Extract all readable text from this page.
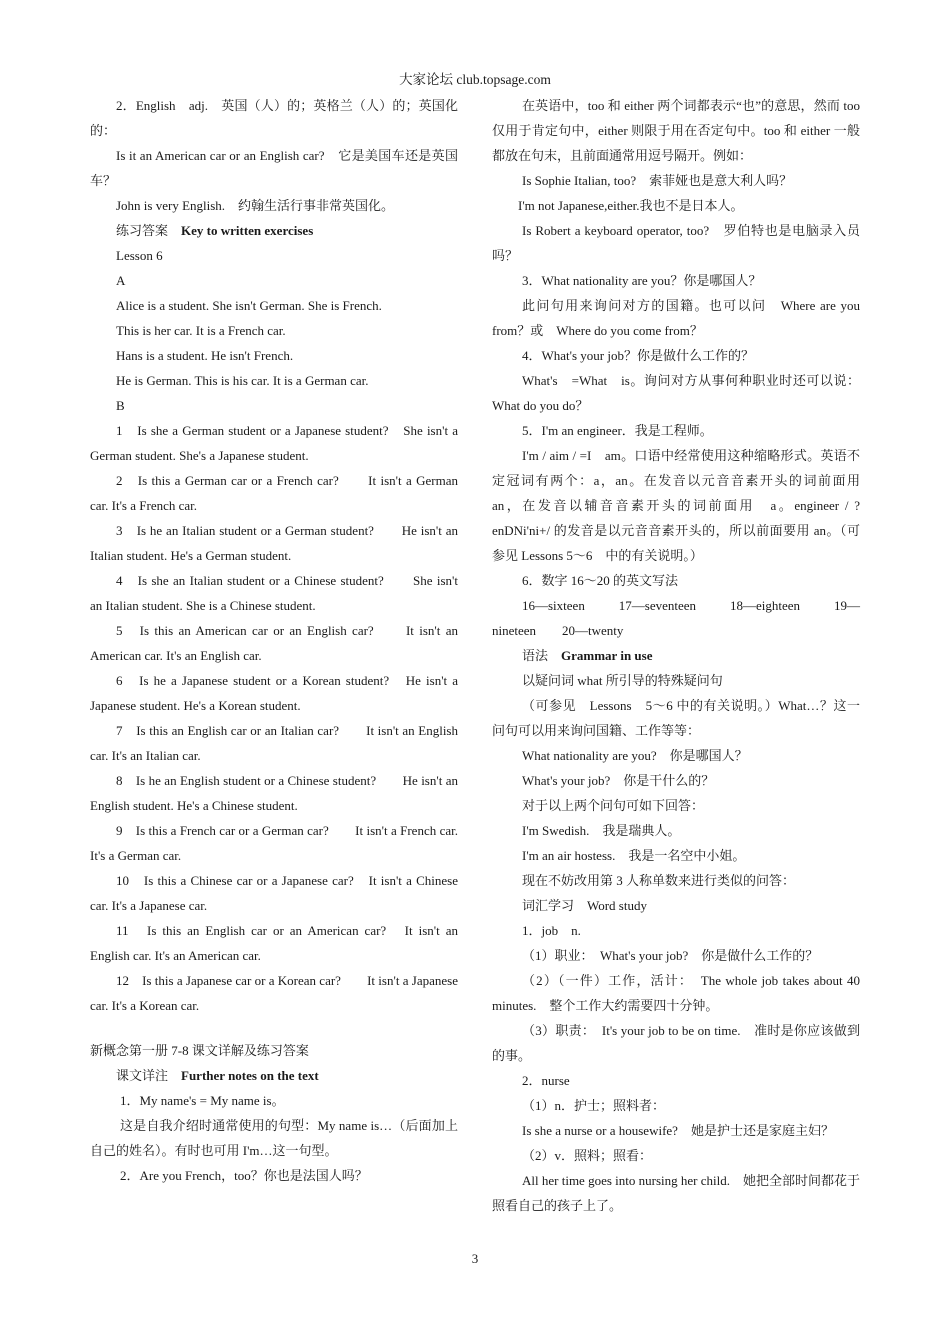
大家论坛 club.topsage.com

2．English　adj.　英国（人）的；英格兰（人）的；英国化的：

Is it an American car or an English car?　它是美国车还是英国车？

John is very English.　约翰生活行事非常英国化。

练习答案　Key to written exercises

Lesson 6

A

Alice is a student. She isn't German. She is French.

This is her car. It is a French car.

Hans is a student. He isn't French.

He is German. This is his car. It is a German car.

B

1　Is she a German student or a Japanese student?　She isn't a German student. She's a Japanese student.

2　Is this a German car or a French car?　　It isn't a German car. It's a French car.

3　Is he an Italian student or a German student?　　He isn't an Italian student. He's a German student.

4　Is she an Italian student or a Chinese student?　　She isn't an Italian student. She is a Chinese student.

5　Is this an American car or an English car?　　It isn't an American car. It's an English car.

6　Is he a Japanese student or a Korean student?　He isn't a Japanese student. He's a Korean student.

7　Is this an English car or an Italian car?　　It isn't an English car. It's an Italian car.

8　Is he an English student or a Chinese student?　　He isn't an English student. He's a Chinese student.

9　Is this a French car or a German car?　　It isn't a French car. It's a German car.

10　Is this a Chinese car or a Japanese car?　It isn't a Chinese car. It's a Japanese car.

11　Is this an English car or an American car?　It isn't an English car. It's an American car.

12　Is this a Japanese car or a Korean car?　　It isn't a Japanese car. It's a Korean car.

新概念第一册 7-8 课文详解及练习答案

课文详注　Further notes on the text

1．My name's = My name is。

这是自我介绍时通常使用的句型：My name is…（后面加上自己的姓名）。有时也可用 I'm…这一句型。

2．Are you French，too？你也是法国人吗？

在英语中，too 和 either 两个词都表示“也”的意思，然而 too 仅用于肯定句中，either 则限于用在否定句中。too 和 either 一般都放在句末，且前面通常用逗号隔开。例如：

Is Sophie Italian, too?　索菲娅也是意大利人吗？

I'm not Japanese,either.我也不是日本人。

Is Robert a keyboard operator, too?　罗伯特也是电脑录入员吗？

3．What nationality are you？你是哪国人？

此问句用来询问对方的国籍。也可以问　Where are you from？或　Where do you come from？

4．What's your job？你是做什么工作的？

What's　=What　is。询问对方从事何种职业时还可以说：What do you do？

5．I'm an engineer．我是工程师。

I'm / aim / =I　am。口语中经常使用这种缩略形式。英语不定冠词有两个：a，an。在发音以元音音素开头的词前面用　an，在发音以辅音音素开头的词前面用　a。engineer / ?enDNi'ni+/ 的发音是以元音音素开头的，所以前面要用 an。（可参见 Lessons 5～6　中的有关说明。）

6．数字 16～20 的英文写法

16—sixteen　　17—seventeen　　18—eighteen　　19—nineteen　　20—twenty

语法　Grammar in use

以疑问词 what 所引导的特殊疑问句

（可参见　Lessons　5～6 中的有关说明。）What…？这一问句可以用来询问国籍、工作等等：

What nationality are you?　你是哪国人？

What's your job?　你是干什么的？

对于以上两个问句可如下回答：

I'm Swedish.　我是瑞典人。

I'm an air hostess.　我是一名空中小姐。

现在不妨改用第 3 人称单数来进行类似的问答：

词汇学习　Word study

1．job　n.

（1）职业：　What's your job?　你是做什么工作的？

（2）（一件）工作，活计：　The whole job takes about 40 minutes.　整个工作大约需要四十分钟。

（3）职责：　It's your job to be on time.　准时是你应该做到的事。

2．nurse

（1）n．护士；照料者：

Is she a nurse or a housewife?　她是护士还是家庭主妇？

（2）v．照料；照看：

All her time goes into nursing her child.　她把全部时间都花于照看自己的孩子上了。

3
